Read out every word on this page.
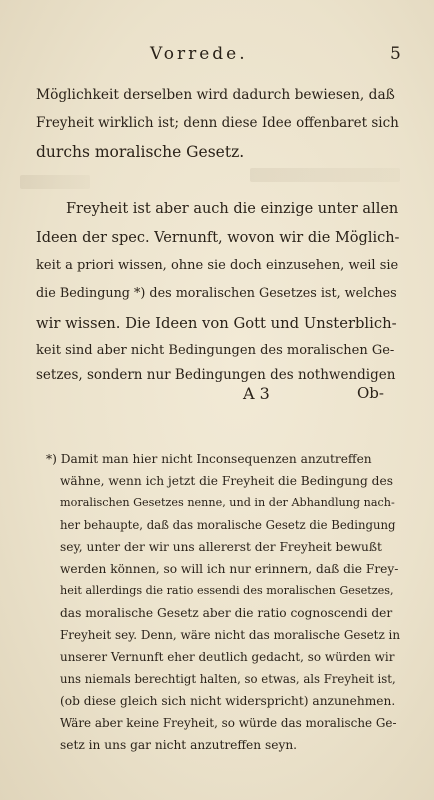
Vorrede.	5

Möglichkeit derselben wird dadurch bewiesen, daß

Freyheit wirklich ist; denn diese Idee offenbaret sich

durchs moralische Gesetz.

Freyheit ist aber auch die einzige unter allen

Ideen der spec. Vernunft, wovon wir die Möglich-

keit a priori wissen, ohne sie doch einzusehen, weil sie

die Bedingung *) des moralischen Gesetzes ist, welches

wir wissen. Die Ideen von Gott und Unsterblich-

keit sind aber nicht Bedingungen des moralischen Ge-

setzes, sondern nur Bedingungen des nothwendigen

A 3	Ob-

*) Damit man hier nicht Inconsequenzen anzutreffen

wähne, wenn ich jetzt die Freyheit die Bedingung des

moralischen Gesetzes nenne, und in der Abhandlung nach-

her behaupte, daß das moralische Gesetz die Bedingung

sey, unter der wir uns allererst der Freyheit bewußt

werden können, so will ich nur erinnern, daß die Frey-

heit allerdings die ratio essendi des moralischen Gesetzes,

das moralische Gesetz aber die ratio cognoscendi der

Freyheit sey. Denn, wäre nicht das moralische Gesetz in

unserer Vernunft eher deutlich gedacht, so würden wir

uns niemals berechtigt halten, so etwas, als Freyheit ist,

(ob diese gleich sich nicht widerspricht) anzunehmen.

Wäre aber keine Freyheit, so würde das moralische Ge-

setz in uns gar nicht anzutreffen seyn.
